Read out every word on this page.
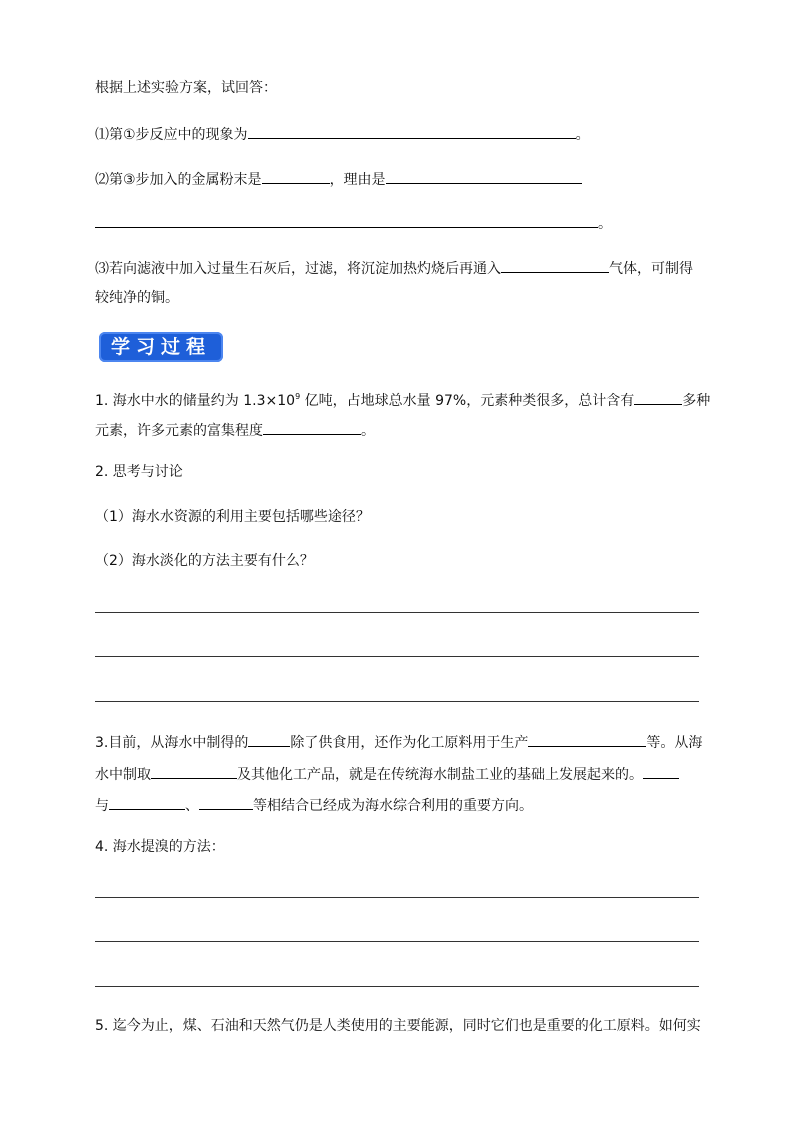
根据上述实验方案，试回答：
⑴第①步反应中的现象为	。
⑵第③步加入的金属粉末是	，理由是
。
⑶若向滤液中加入过量生石灰后，过滤，将沉淀加热灼烧后再通入	气体，可制得
较纯净的铜。
学习过程
1. 海水中水的储量约为 $1.3\times 10^9$ 亿吨，占地球总水量 97%，元素种类很多，总计含有	多种
元素，许多元素的富集程度	。
2. 思考与讨论
（1）海水水资源的利用主要包括哪些途径？
（2）海水淡化的方法主要有什么？
3.目前，从海水中制得的	除了供食用，还作为化工原料用于生产	等。从海
水中制取	及其他化工产品，就是在传统海水制盐工业的基础上发展起来的。
与	、	等相结合已经成为海水综合利用的重要方向。
4. 海水提溴的方法：
5. 迄今为止，煤、石油和天然气仍是人类使用的主要能源，同时它们也是重要的化工原料。如何实
